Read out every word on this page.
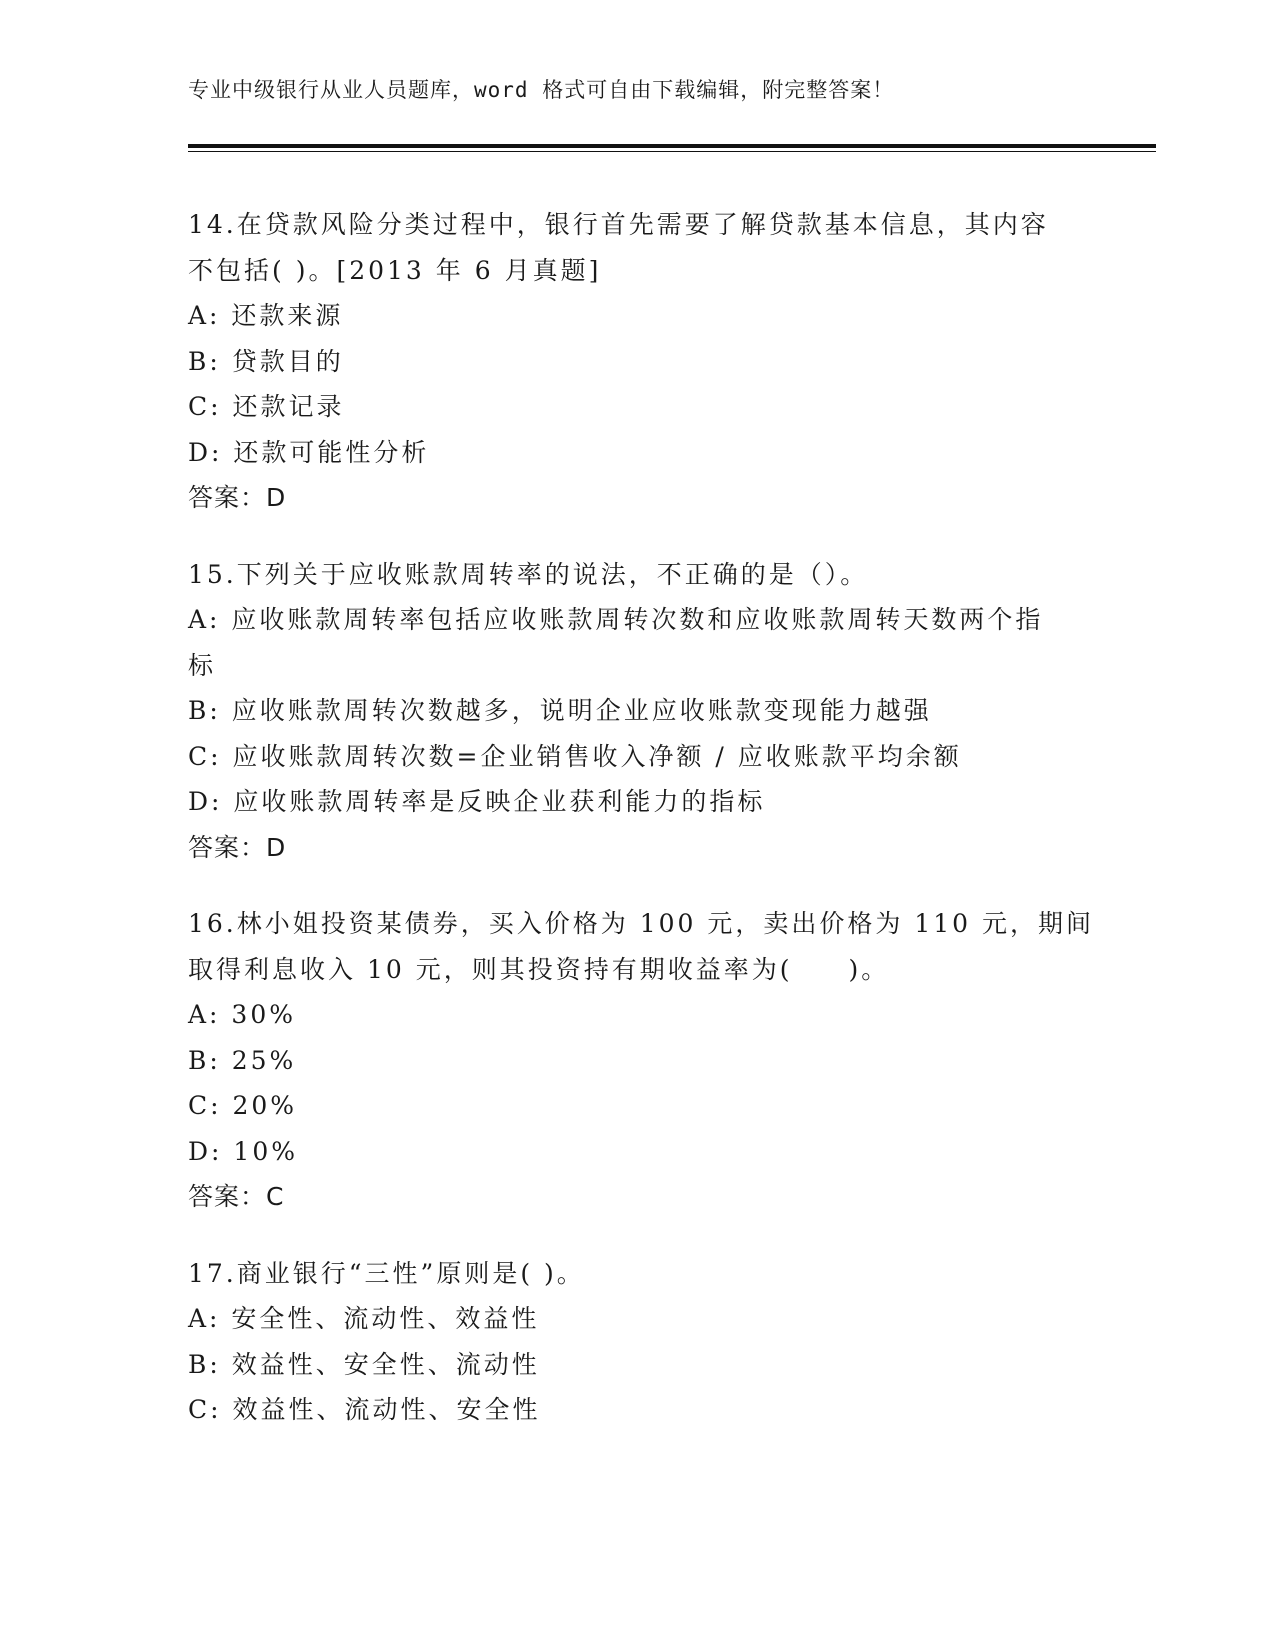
专业中级银行从业人员题库，word 格式可自由下载编辑，附完整答案！
14.在贷款风险分类过程中，银行首先需要了解贷款基本信息，其内容
不包括( )。[2013 年 6 月真题]
A: 还款来源
B: 贷款目的
C: 还款记录
D: 还款可能性分析
答案：D
15.下列关于应收账款周转率的说法，不正确的是（）。
A: 应收账款周转率包括应收账款周转次数和应收账款周转天数两个指
标
B: 应收账款周转次数越多，说明企业应收账款变现能力越强
C: 应收账款周转次数=企业销售收入净额 / 应收账款平均余额
D: 应收账款周转率是反映企业获利能力的指标
答案：D
16.林小姐投资某债券，买入价格为 100 元，卖出价格为 110 元，期间
取得利息收入 10 元，则其投资持有期收益率为(　　)。
A: 30%
B: 25%
C: 20%
D: 10%
答案：C
17.商业银行“三性”原则是( )。
A: 安全性、流动性、效益性
B: 效益性、安全性、流动性
C: 效益性、流动性、安全性
